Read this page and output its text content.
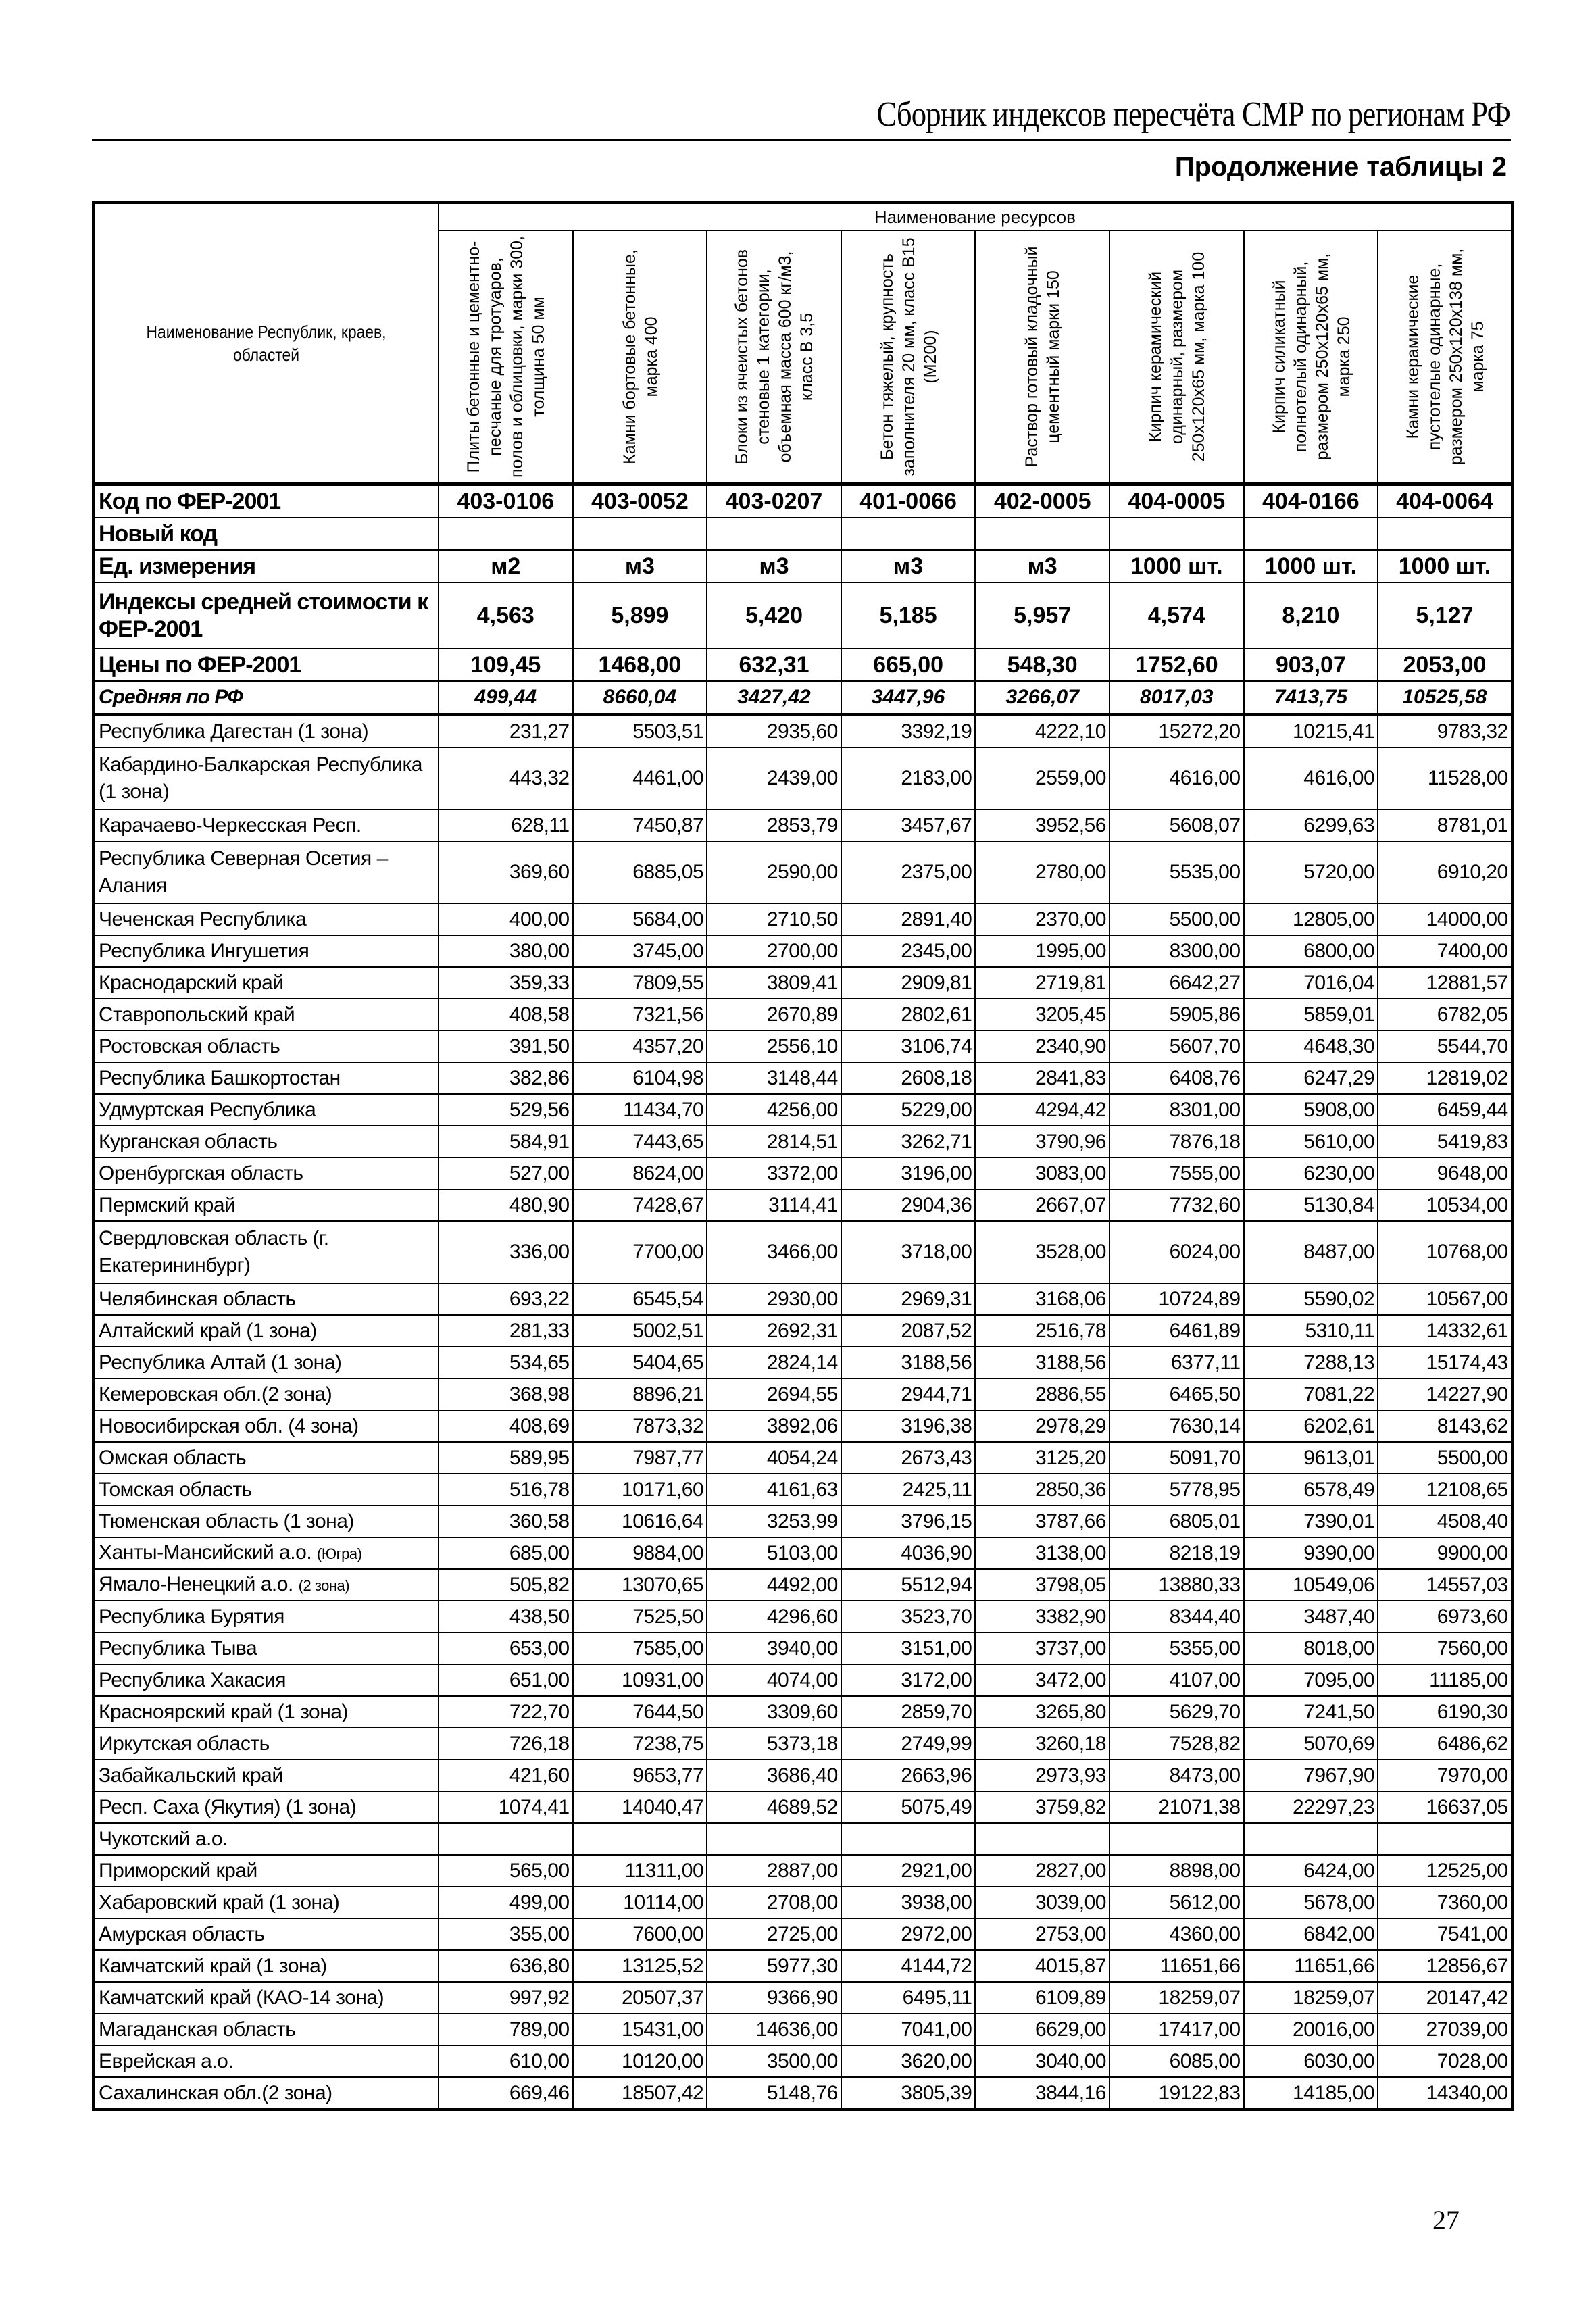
Сборник индексов пересчёта СМР по регионам РФ
Продолжение таблицы 2
Наименование Республик, краев, областей	Наименование ресурсов							

	Плиты бетонные и цементно-песчаные для тротуаров, полов и облицовки, марки 300, толщина 50 мм	Камни бортовые бетонные, марка 400	Блоки из ячеистых бетонов стеновые 1 категории, объемная масса 600 кг/м3, класс В 3,5	Бетон тяжелый, крупность заполнителя 20 мм, класс В15 (М200)	Раствор готовый кладочный цементный марки 150	Кирпич керамический одинарный, размером 250х120х65 мм, марка 100	Кирпич силикатный полнотелый одинарный, размером 250х120х65 мм, марка 250	Камни керамические пустотелые одинарные, размером 250х120х138 мм, марка 75

Код по ФЕР-2001	403-0106	403-0052	403-0207	401-0066	402-0005	404-0005	404-0166	404-0064
Новый код								
Ед. измерения	м2	м3	м3	м3	м3	1000 шт.	1000 шт.	1000 шт.
Индексы средней стоимости к ФЕР-2001	4,563	5,899	5,420	5,185	5,957	4,574	8,210	5,127
Цены по ФЕР-2001	109,45	1468,00	632,31	665,00	548,30	1752,60	903,07	2053,00
Средняя по РФ	499,44	8660,04	3427,42	3447,96	3266,07	8017,03	7413,75	10525,58
Республика Дагестан (1 зона)	231,27	5503,51	2935,60	3392,19	4222,10	15272,20	10215,41	9783,32
Кабардино-Балкарская Республика (1 зона)	443,32	4461,00	2439,00	2183,00	2559,00	4616,00	4616,00	11528,00
Карачаево-Черкесская Респ.	628,11	7450,87	2853,79	3457,67	3952,56	5608,07	6299,63	8781,01
Республика Северная Осетия – Алания	369,60	6885,05	2590,00	2375,00	2780,00	5535,00	5720,00	6910,20
Чеченская Республика	400,00	5684,00	2710,50	2891,40	2370,00	5500,00	12805,00	14000,00
Республика Ингушетия	380,00	3745,00	2700,00	2345,00	1995,00	8300,00	6800,00	7400,00
Краснодарский край	359,33	7809,55	3809,41	2909,81	2719,81	6642,27	7016,04	12881,57
Ставропольский край	408,58	7321,56	2670,89	2802,61	3205,45	5905,86	5859,01	6782,05
Ростовская область	391,50	4357,20	2556,10	3106,74	2340,90	5607,70	4648,30	5544,70
Республика Башкортостан	382,86	6104,98	3148,44	2608,18	2841,83	6408,76	6247,29	12819,02
Удмуртская Республика	529,56	11434,70	4256,00	5229,00	4294,42	8301,00	5908,00	6459,44
Курганская область	584,91	7443,65	2814,51	3262,71	3790,96	7876,18	5610,00	5419,83
Оренбургская область	527,00	8624,00	3372,00	3196,00	3083,00	7555,00	6230,00	9648,00
Пермский край	480,90	7428,67	3114,41	2904,36	2667,07	7732,60	5130,84	10534,00
Свердловская область (г. Екатерининбург)	336,00	7700,00	3466,00	3718,00	3528,00	6024,00	8487,00	10768,00
Челябинская область	693,22	6545,54	2930,00	2969,31	3168,06	10724,89	5590,02	10567,00
Алтайский край (1 зона)	281,33	5002,51	2692,31	2087,52	2516,78	6461,89	5310,11	14332,61
Республика Алтай (1 зона)	534,65	5404,65	2824,14	3188,56	3188,56	6377,11	7288,13	15174,43
Кемеровская обл.(2 зона)	368,98	8896,21	2694,55	2944,71	2886,55	6465,50	7081,22	14227,90
Новосибирская обл. (4 зона)	408,69	7873,32	3892,06	3196,38	2978,29	7630,14	6202,61	8143,62
Омская область	589,95	7987,77	4054,24	2673,43	3125,20	5091,70	9613,01	5500,00
Томская область	516,78	10171,60	4161,63	2425,11	2850,36	5778,95	6578,49	12108,65
Тюменская область (1 зона)	360,58	10616,64	3253,99	3796,15	3787,66	6805,01	7390,01	4508,40
Ханты-Мансийский а.о. (Югра)	685,00	9884,00	5103,00	4036,90	3138,00	8218,19	9390,00	9900,00
Ямало-Ненецкий а.о. (2 зона)	505,82	13070,65	4492,00	5512,94	3798,05	13880,33	10549,06	14557,03
Республика Бурятия	438,50	7525,50	4296,60	3523,70	3382,90	8344,40	3487,40	6973,60
Республика Тыва	653,00	7585,00	3940,00	3151,00	3737,00	5355,00	8018,00	7560,00
Республика Хакасия	651,00	10931,00	4074,00	3172,00	3472,00	4107,00	7095,00	11185,00
Красноярский край (1 зона)	722,70	7644,50	3309,60	2859,70	3265,80	5629,70	7241,50	6190,30
Иркутская область	726,18	7238,75	5373,18	2749,99	3260,18	7528,82	5070,69	6486,62
Забайкальский край	421,60	9653,77	3686,40	2663,96	2973,93	8473,00	7967,90	7970,00
Респ. Саха (Якутия) (1 зона)	1074,41	14040,47	4689,52	5075,49	3759,82	21071,38	22297,23	16637,05
Чукотский а.о.								
Приморский край	565,00	11311,00	2887,00	2921,00	2827,00	8898,00	6424,00	12525,00
Хабаровский край (1 зона)	499,00	10114,00	2708,00	3938,00	3039,00	5612,00	5678,00	7360,00
Амурская область	355,00	7600,00	2725,00	2972,00	2753,00	4360,00	6842,00	7541,00
Камчатский край (1 зона)	636,80	13125,52	5977,30	4144,72	4015,87	11651,66	11651,66	12856,67
Камчатский край (КАО-14 зона)	997,92	20507,37	9366,90	6495,11	6109,89	18259,07	18259,07	20147,42
Магаданская область	789,00	15431,00	14636,00	7041,00	6629,00	17417,00	20016,00	27039,00
Еврейская а.о.	610,00	10120,00	3500,00	3620,00	3040,00	6085,00	6030,00	7028,00
Сахалинская обл.(2 зона)	669,46	18507,42	5148,76	3805,39	3844,16	19122,83	14185,00	14340,00
27
